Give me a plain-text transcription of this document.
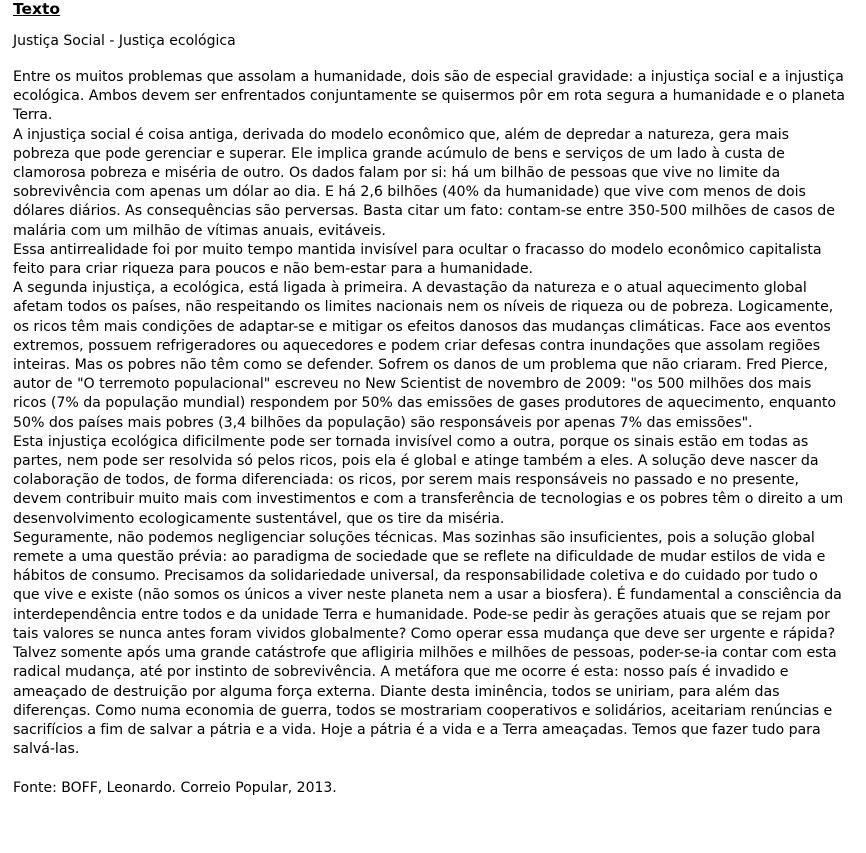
Texto
Justiça Social - Justiça ecológica

Entre os muitos problemas que assolam a humanidade, dois são de especial gravidade: a injustiça social e a injustiça ecológica. Ambos devem ser enfrentados conjuntamente se quisermos pôr em rota segura a humanidade e o planeta Terra.

A injustiça social é coisa antiga, derivada do modelo econômico que, além de depredar a natureza, gera mais pobreza que pode gerenciar e superar. Ele implica grande acúmulo de bens e serviços de um lado à custa de clamorosa pobreza e miséria de outro. Os dados falam por si: há um bilhão de pessoas que vive no limite da sobrevivência com apenas um dólar ao dia. E há 2,6 bilhões (40% da humanidade) que vive com menos de dois dólares diários. As consequências são perversas. Basta citar um fato: contam-se entre 350-500 milhões de casos de malária com um milhão de vítimas anuais, evitáveis.

Essa antirrealidade foi por muito tempo mantida invisível para ocultar o fracasso do modelo econômico capitalista feito para criar riqueza para poucos e não bem-estar para a humanidade.

A segunda injustiça, a ecológica, está ligada à primeira. A devastação da natureza e o atual aquecimento global afetam todos os países, não respeitando os limites nacionais nem os níveis de riqueza ou de pobreza. Logicamente, os ricos têm mais condições de adaptar-se e mitigar os efeitos danosos das mudanças climáticas. Face aos eventos extremos, possuem refrigeradores ou aquecedores e podem criar defesas contra inundações que assolam regiões inteiras. Mas os pobres não têm como se defender. Sofrem os danos de um problema que não criaram. Fred Pierce, autor de "O terremoto populacional" escreveu no New Scientist de novembro de 2009: "os 500 milhões dos mais ricos (7% da população mundial) respondem por 50% das emissões de gases produtores de aquecimento, enquanto 50% dos países mais pobres (3,4 bilhões da população) são responsáveis por apenas 7% das emissões".

Esta injustiça ecológica dificilmente pode ser tornada invisível como a outra, porque os sinais estão em todas as partes, nem pode ser resolvida só pelos ricos, pois ela é global e atinge também a eles. A solução deve nascer da colaboração de todos, de forma diferenciada: os ricos, por serem mais responsáveis no passado e no presente, devem contribuir muito mais com investimentos e com a transferência de tecnologias e os pobres têm o direito a um desenvolvimento ecologicamente sustentável, que os tire da miséria.

Seguramente, não podemos negligenciar soluções técnicas. Mas sozinhas são insuficientes, pois a solução global remete a uma questão prévia: ao paradigma de sociedade que se reflete na dificuldade de mudar estilos de vida e hábitos de consumo. Precisamos da solidariedade universal, da responsabilidade coletiva e do cuidado por tudo o que vive e existe (não somos os únicos a viver neste planeta nem a usar a biosfera). É fundamental a consciência da interdependência entre todos e da unidade Terra e humanidade. Pode-se pedir às gerações atuais que se rejam por tais valores se nunca antes foram vividos globalmente? Como operar essa mudança que deve ser urgente e rápida?

Talvez somente após uma grande catástrofe que afligiria milhões e milhões de pessoas, poder-se-ia contar com esta radical mudança, até por instinto de sobrevivência. A metáfora que me ocorre é esta: nosso país é invadido e ameaçado de destruição por alguma força externa. Diante desta iminência, todos se uniriam, para além das diferenças. Como numa economia de guerra, todos se mostrariam cooperativos e solidários, aceitariam renúncias e sacrifícios a fim de salvar a pátria e a vida. Hoje a pátria é a vida e a Terra ameaçadas. Temos que fazer tudo para salvá-las.

Fonte: BOFF, Leonardo. Correio Popular, 2013.
